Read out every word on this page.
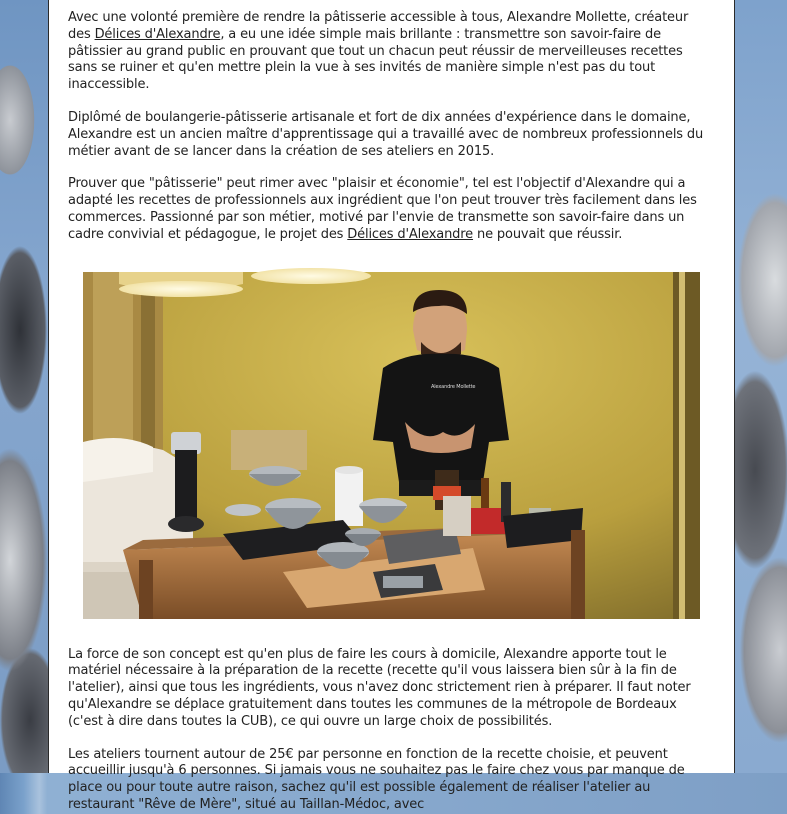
Avec une volonté première de rendre la pâtisserie accessible à tous, Alexandre Mollette, créateur des Délices d'Alexandre, a eu une idée simple mais brillante : transmettre son savoir-faire de pâtissier au grand public en prouvant que tout un chacun peut réussir de merveilleuses recettes sans se ruiner et qu'en mettre plein la vue à ses invités de manière simple n'est pas du tout inaccessible.

Diplômé de boulangerie-pâtisserie artisanale et fort de dix années d'expérience dans le domaine, Alexandre est un ancien maître d'apprentissage qui a travaillé avec de nombreux professionnels du métier avant de se lancer dans la création de ses ateliers en 2015.

Prouver que "pâtisserie" peut rimer avec "plaisir et économie", tel est l'objectif d'Alexandre qui a adapté les recettes de professionnels aux ingrédient que l'on peut trouver très facilement dans les commerces. Passionné par son métier, motivé par l'envie de transmette son savoir-faire dans un cadre convivial et pédagogue, le projet des Délices d'Alexandre ne pouvait que réussir.

Alexandre Mollette

La force de son concept est qu'en plus de faire les cours à domicile, Alexandre apporte tout le matériel nécessaire à la préparation de la recette (recette qu'il vous laissera bien sûr à la fin de l'atelier), ainsi que tous les ingrédients, vous n'avez donc strictement rien à préparer. Il faut noter qu'Alexandre se déplace gratuitement dans toutes les communes de la métropole de Bordeaux (c'est à dire dans toutes la CUB), ce qui ouvre un large choix de possibilités.

Les ateliers tournent autour de 25€ par personne en fonction de la recette choisie, et peuvent accueillir jusqu'à 6 personnes. Si jamais vous ne souhaitez pas le faire chez vous par manque de place ou pour toute autre raison, sachez qu'il est possible également de réaliser l'atelier au restaurant "Rêve de Mère", situé au Taillan-Médoc, avec
